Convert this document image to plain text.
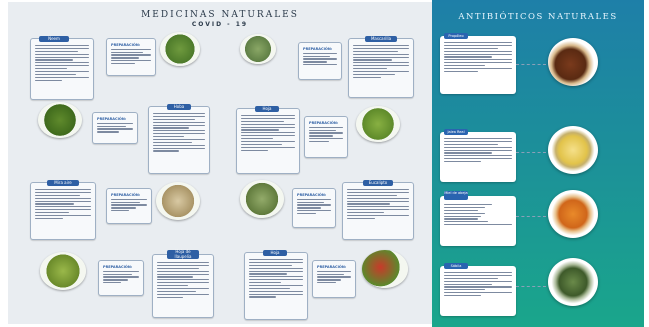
MEDICINAS NATURALES
COVID - 19
Neem
PREPARACIÓN:
PREPARACIÓN:
Mascarilla
PREPARACIÓN:
Hoba	Hoja
PREPARACIÓN:
Mira aire
PREPARACIÓN:	PREPARACIÓN:
Eucalipto
PREPARACIÓN:
Hoja de llaupelia
Hoja
PREPARACIÓN:
ANTIBIÓTICOS NATURALES
Propóleo
Jalea Real
Miel de abeja
Sábila
